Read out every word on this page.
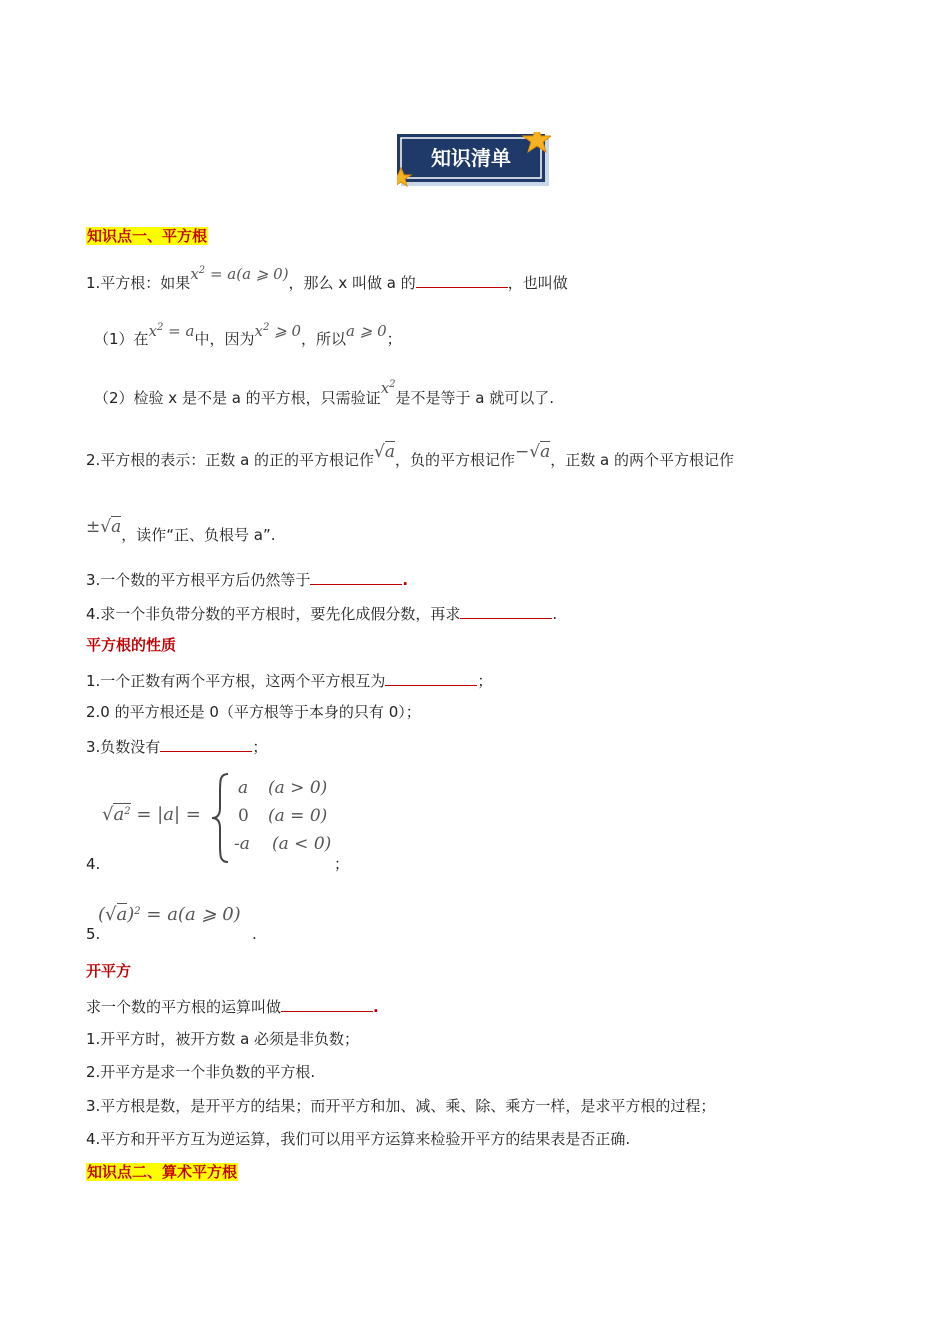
知识清单
知识点一、平方根
1.平方根：如果$x^2 = a(a$ ⩾ 0)，那么 x 叫做 a 的	，也叫做
（1）在$x^2 = a$中，因为$x^2$ ⩾ 0，所以a ⩾ 0；
（2）检验 x 是不是 a 的平方根，只需验证$x^2$是不是等于 a 就可以了.
2.平方根的表示：正数 a 的正的平方根记作√a，负的平方根记作−√a，正数 a 的两个平方根记作
±√a，读作“正、负根号 a”.
3.一个数的平方根平方后仍然等于	.
4.求一个非负带分数的平方根时，要先化成假分数，再求	.
平方根的性质
1.一个正数有两个平方根，这两个平方根互为	；
2.0 的平方根还是 0（平方根等于本身的只有 0）；
3.负数没有	；
$√a^2 = |a|$ =
a (a > 0)
0 (a = 0)
-a (a < 0)
4.	；
5.
$(√a)^2 = a(a$ ⩾ 0)
.
开平方
求一个数的平方根的运算叫做	.
1.开平方时，被开方数 a 必须是非负数；
2.开平方是求一个非负数的平方根.
3.平方根是数，是开平方的结果；而开平方和加、减、乘、除、乘方一样，是求平方根的过程；
4.平方和开平方互为逆运算，我们可以用平方运算来检验开平方的结果表是否正确.
知识点二、算术平方根
